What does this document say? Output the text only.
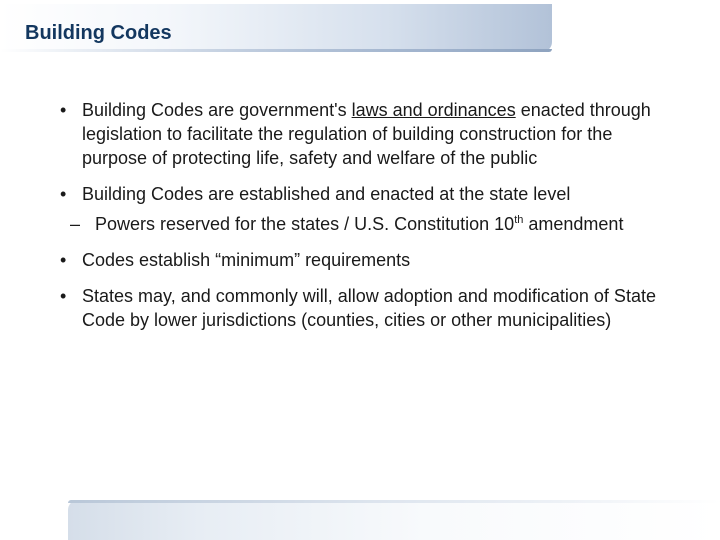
Building Codes
• Building Codes are government's laws and ordinances enacted through legislation to facilitate the regulation of building construction for the purpose of protecting life, safety and welfare of the public
• Building Codes are established and enacted at the state level
– Powers reserved for the states / U.S. Constitution 10th amendment
• Codes establish “minimum” requirements
• States may, and commonly will, allow adoption and modification of State Code by lower jurisdictions (counties, cities or other municipalities)
